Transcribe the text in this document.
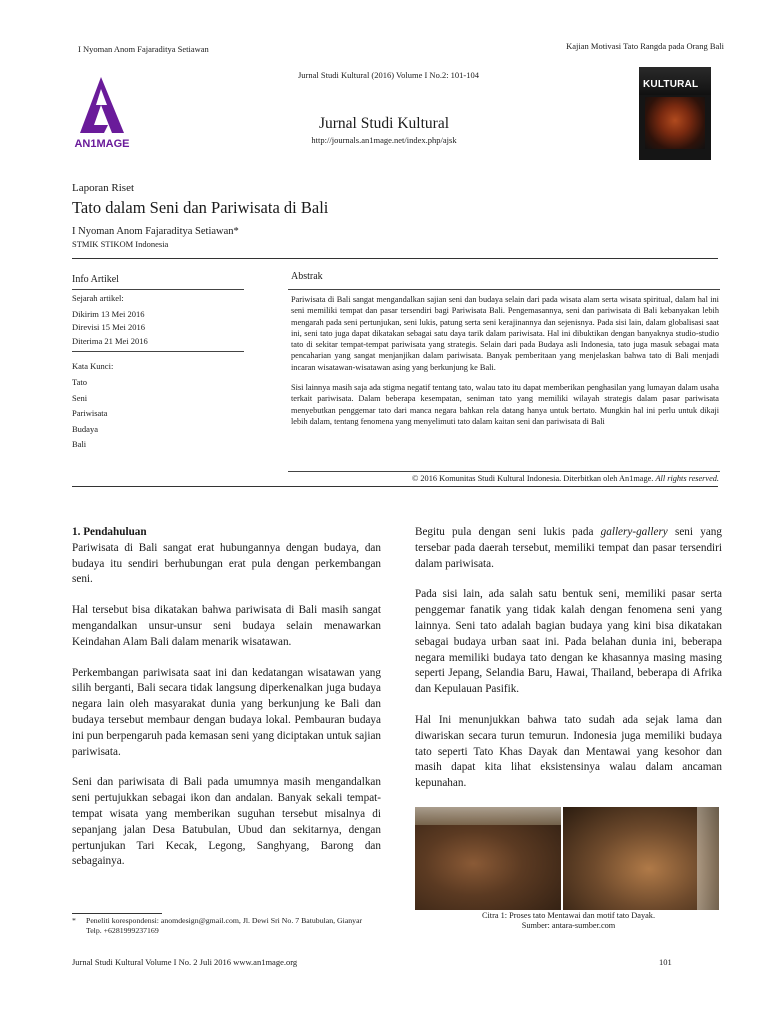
I Nyoman Anom Fajaraditya Setiawan	Kajian Motivasi Tato Rangda pada Orang Bali
Jurnal Studi Kultural (2016) Volume I No.2: 101-104
AN1MAGE
Jurnal Studi Kultural
http://journals.an1mage.net/index.php/ajsk
KULTURAL
Laporan Riset
Tato dalam Seni dan Pariwisata di Bali
I Nyoman Anom Fajaraditya Setiawan*
STMIK STIKOM Indonesia
Info Artikel	Abstrak
Sejarah artikel:
Dikirim 13 Mei 2016
Direvisi 15 Mei 2016
Diterima 21 Mei 2016
Kata Kunci:
Tato
Seni
Pariwisata
Budaya
Bali

Pariwisata di Bali sangat mengandalkan sajian seni dan budaya selain dari pada wisata alam serta wisata spiritual, dalam hal ini seni memiliki tempat dan pasar tersendiri bagi Pariwisata Bali. Pengemasannya, seni dan pariwisata di Bali kebanyakan lebih mengarah pada seni pertunjukan, seni lukis, patung serta seni kerajinannya dan sejenisnya. Pada sisi lain, dalam globalisasi saat ini, seni tato juga dapat dikatakan sebagai satu daya tarik dalam pariwisata. Hal ini dibuktikan dengan banyaknya studio-studio tato di sekitar tempat-tempat pariwisata yang strategis. Selain dari pada Budaya asli Indonesia, tato juga masuk sebagai mata pencaharian yang sangat menjanjikan dalam pariwisata. Banyak pemberitaan yang menjelaskan bahwa tato di Bali menjadi incaran wisatawan-wisatawan asing yang berkunjung ke Bali.

Sisi lainnya masih saja ada stigma negatif tentang tato, walau tato itu dapat memberikan penghasilan yang lumayan dalam usaha terkait pariwisata. Dalam beberapa kesempatan, seniman tato yang memiliki wilayah strategis dalam pasar pariwisata menyebutkan penggemar tato dari manca negara bahkan rela datang hanya untuk bertato. Mungkin hal ini perlu untuk dikaji lebih dalam, tentang fenomena yang menyelimuti tato dalam kaitan seni dan pariwisata di Bali

© 2016 Komunitas Studi Kultural Indonesia. Diterbitkan oleh An1mage. All rights reserved.

1. Pendahuluan

Pariwisata di Bali sangat erat hubungannya dengan budaya, dan budaya itu sendiri berhubungan erat pula dengan perkembangan seni.

Hal tersebut bisa dikatakan bahwa pariwisata di Bali masih sangat mengandalkan unsur-unsur seni budaya selain menawarkan Keindahan Alam Bali dalam menarik wisatawan.

Perkembangan pariwisata saat ini dan kedatangan wisatawan yang silih berganti, Bali secara tidak langsung diperkenalkan juga budaya negara lain oleh masyarakat dunia yang berkunjung ke Bali dan budaya tersebut membaur dengan budaya lokal. Pembauran budaya ini pun berpengaruh pada kemasan seni yang diciptakan untuk sajian pariwisata.

Seni dan pariwisata di Bali pada umumnya masih mengandalkan seni pertujukkan sebagai ikon dan andalan. Banyak sekali tempat-tempat wisata yang memberikan suguhan tersebut misalnya di sepanjang jalan Desa Batubulan, Ubud dan sekitarnya, dengan pertunjukan Tari Kecak, Legong, Sanghyang, Barong dan sebagainya.

Begitu pula dengan seni lukis pada gallery-gallery seni yang tersebar pada daerah tersebut, memiliki tempat dan pasar tersendiri dalam pariwisata.

Pada sisi lain, ada salah satu bentuk seni, memiliki pasar serta penggemar fanatik yang tidak kalah dengan fenomena seni yang lainnya. Seni tato adalah bagian budaya yang kini bisa dikatakan sebagai budaya urban saat ini. Pada belahan dunia ini, beberapa negara memiliki budaya tato dengan ke khasannya masing masing seperti Jepang, Selandia Baru, Hawai, Thailand, beberapa di Afrika dan Kepulauan Pasifik.

Hal Ini menunjukkan bahwa tato sudah ada sejak lama dan diwariskan secara turun temurun. Indonesia juga memiliki budaya tato seperti Tato Khas Dayak dan Mentawai yang kesohor dan masih dapat kita lihat eksistensinya walau dalam ancaman kepunahan.

Citra 1: Proses tato Mentawai dan motif tato Dayak.
Sumber: antara-sumber.com
* Peneliti korespondensi: anomdesign@gmail.com, Jl. Dewi Sri No. 7 Batubulan, Gianyar
Telp. +6281999237169
Jurnal Studi Kultural Volume I No. 2 Juli 2016 www.an1mage.org	101
